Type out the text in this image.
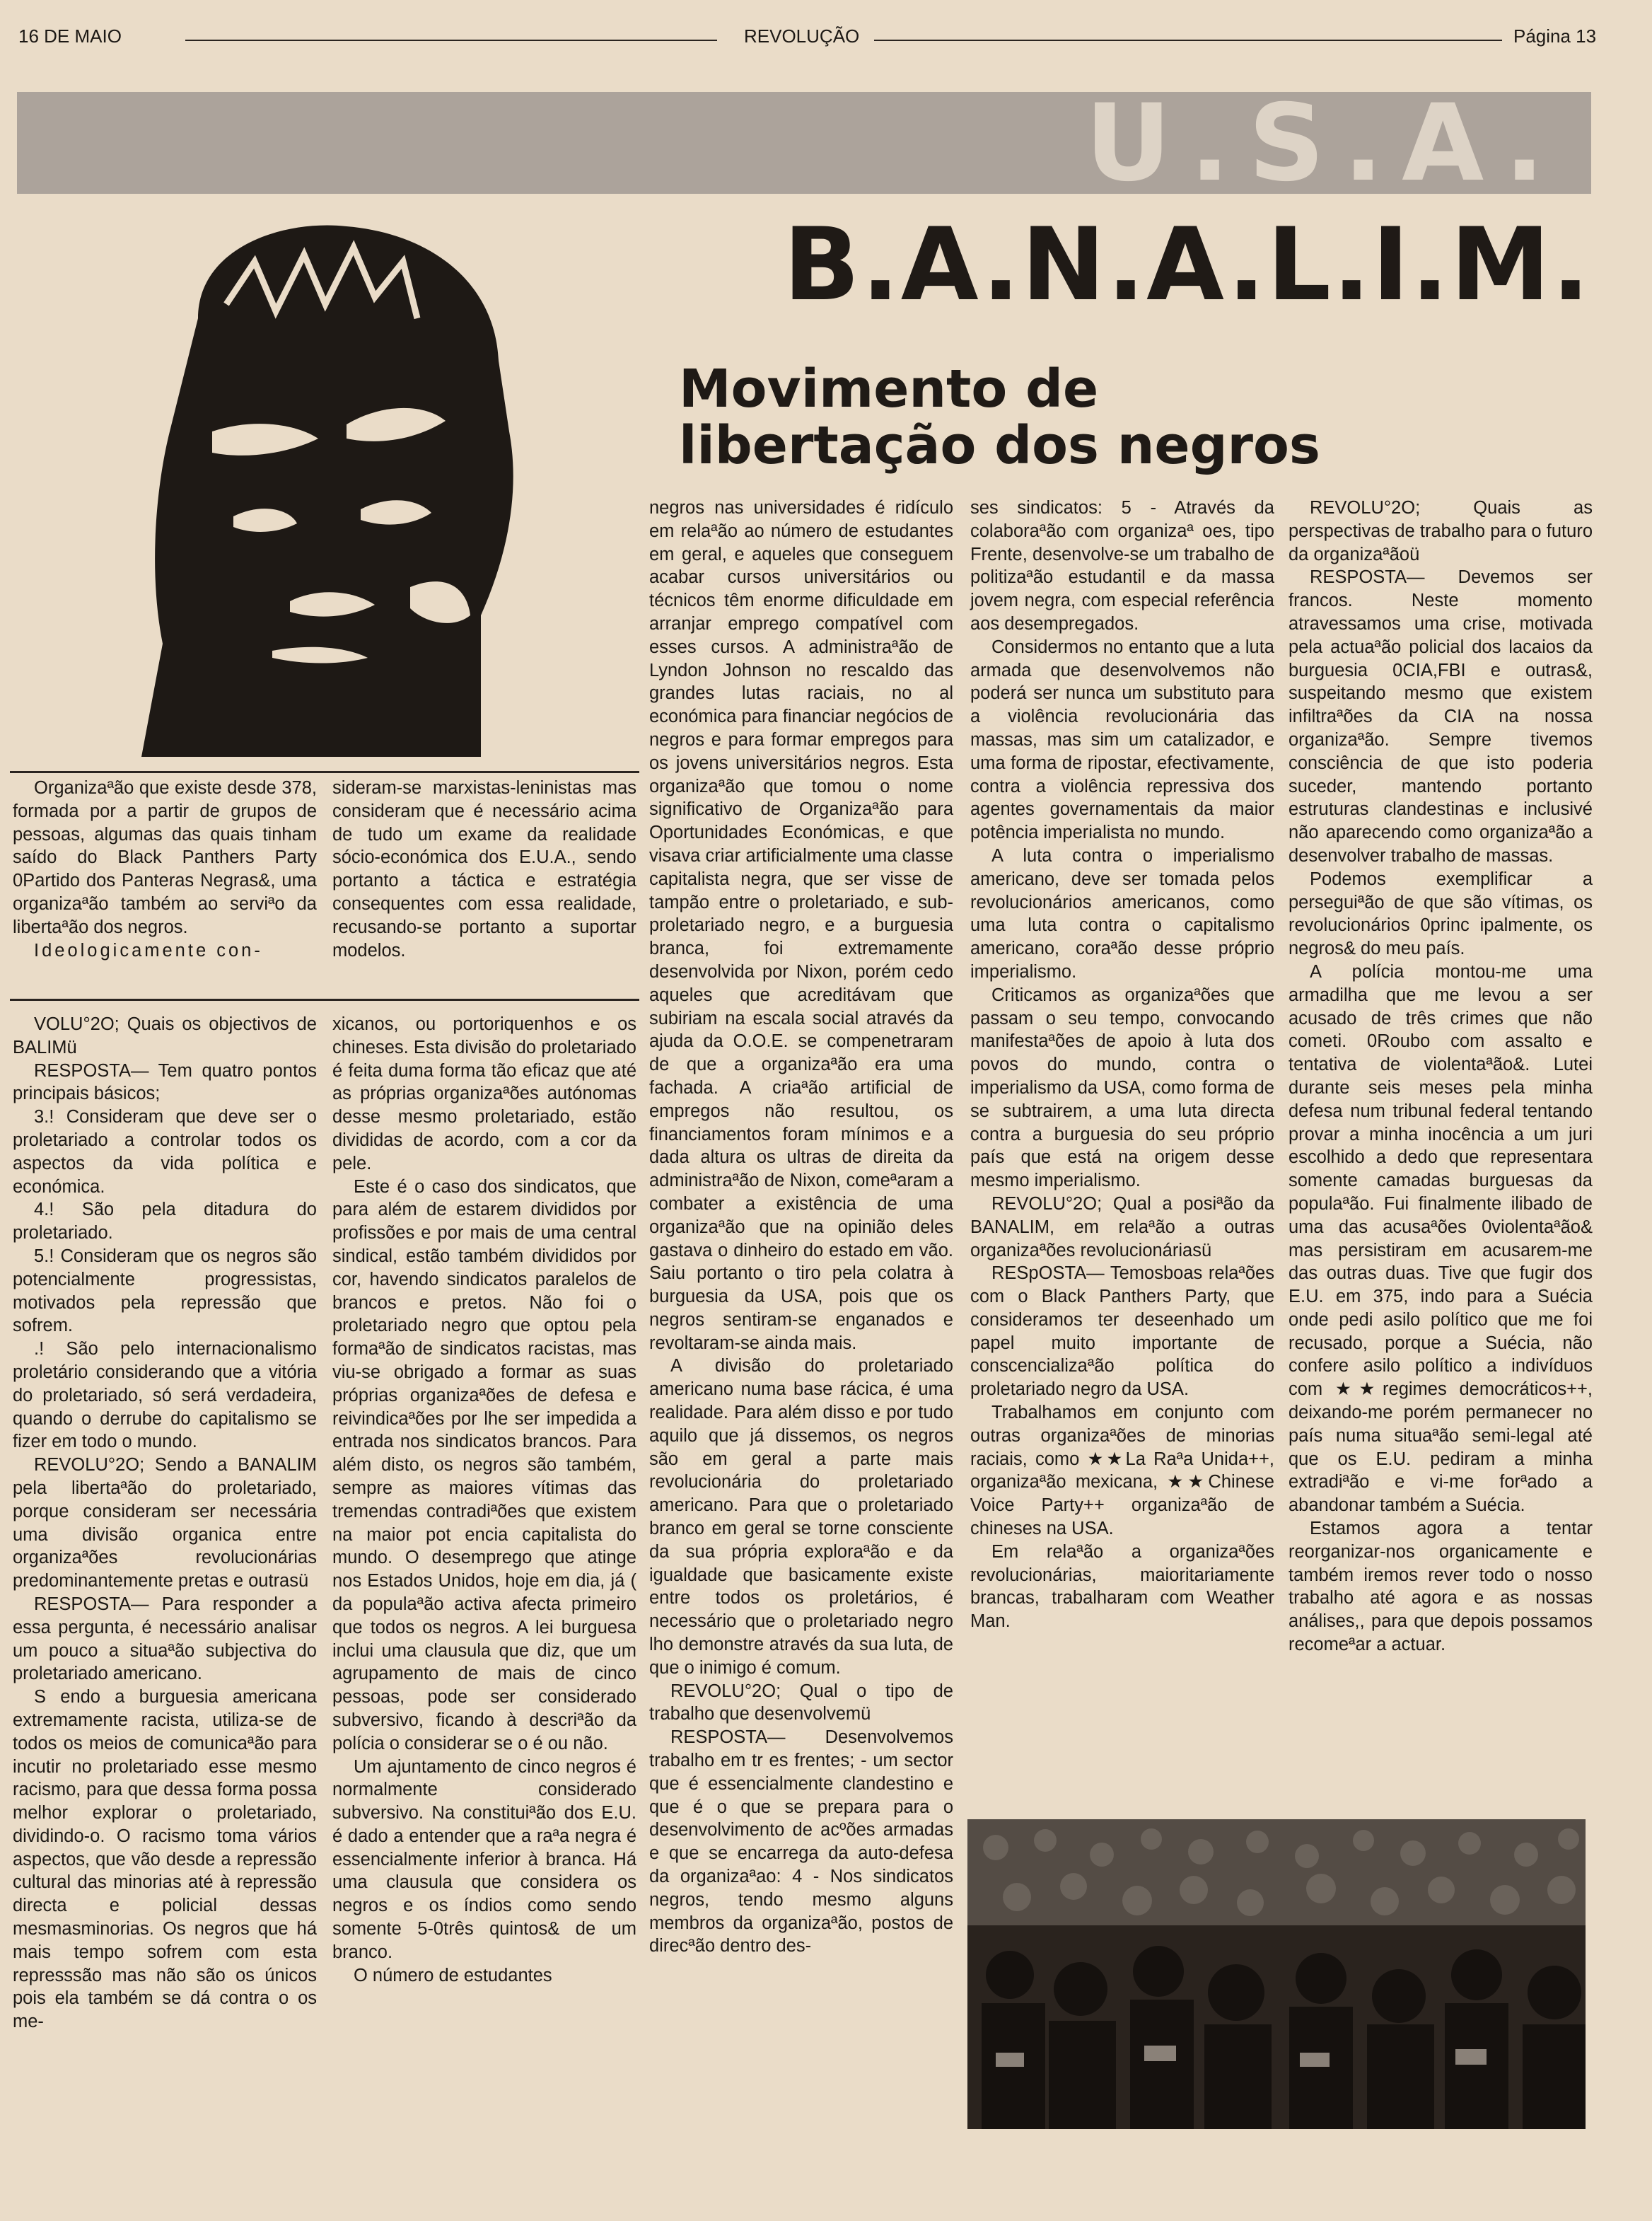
16 DE MAIO	REVOLUÇÃO	Página 13
U.S.A.
B.A.N.A.L.I.M.
Movimento de
libertação dos negros

Organizaªão que existe desde 378, formada por a partir de grupos de pessoas, algumas das quais tinham saído do Black Panthers Party 0Partido dos Panteras Negras&, uma organizaªão também ao serviªo da libertaªão dos negros.

Ideologicamente con-

sideram-se marxistas-leninistas mas consideram que é necessário acima de tudo um exame da realidade sócio-económica dos E.U.A., sendo portanto a táctica e estratégia consequentes com essa realidade, recusando-se portanto a suportar modelos.

VOLU°2O; Quais os objectivos de BALIMü

RESPOSTA— Tem quatro pontos principais básicos;

3.! Consideram que deve ser o proletariado a controlar todos os aspectos da vida política e económica.

4.! São pela ditadura do proletariado.

5.! Consideram que os negros são potencialmente progressistas, motivados pela repressão que sofrem.

.! São pelo internacionalismo proletário considerando que a vitória do proletariado, só será verdadeira, quando o derrube do capitalismo se fizer em todo o mundo.

REVOLU°2O; Sendo a BANALIM pela libertaªão do proletariado, porque consideram ser necessária uma divisão organica entre organizaªões revolucionárias predominantemente pretas e outrasü

RESPOSTA— Para responder a essa pergunta, é necessário analisar um pouco a situaªão subjectiva do proletariado americano.

S endo a burguesia americana extremamente racista, utiliza-se de todos os meios de comunicaªão para incutir no proletariado esse mesmo racismo, para que dessa forma possa melhor explorar o proletariado, dividindo-o. O racismo toma vários aspectos, que vão desde a repressão cultural das minorias até à repressão directa e policial dessas mesmasminorias. Os negros que há mais tempo sofrem com esta represssão mas não são os únicos pois ela também se dá contra o os me-

xicanos, ou portoriquenhos e os chineses. Esta divisão do proletariado é feita duma forma tão eficaz que até as próprias organizaªões autónomas desse mesmo proletariado, estão divididas de acordo, com a cor da pele.

Este é o caso dos sindicatos, que para além de estarem divididos por profissões e por mais de uma central sindical, estão também divididos por cor, havendo sindicatos paralelos de brancos e pretos. Não foi o proletariado negro que optou pela formaªão de sindicatos racistas, mas viu-se obrigado a formar as suas próprias organizaªões de defesa e reivindicaªões por lhe ser impedida a entrada nos sindicatos brancos. Para além disto, os negros são também, sempre as maiores vítimas das tremendas contradiªões que existem na maior pot encia capitalista do mundo. O desemprego que atinge nos Estados Unidos, hoje em dia, já ( da populaªão activa afecta primeiro que todos os negros. A lei burguesa inclui uma clausula que diz, que um agrupamento de mais de cinco pessoas, pode ser considerado subversivo, ficando à descriªão da polícia o considerar se o é ou não.

Um ajuntamento de cinco negros é normalmente considerado subversivo. Na constituiªão dos E.U. é dado a entender que a raªa negra é essencialmente inferior à branca. Há uma clausula que considera os negros e os índios como sendo somente 5-0três quintos& de um branco.

O número de estudantes

negros nas universidades é ridículo em relaªão ao número de estudantes em geral, e aqueles que conseguem acabar cursos universitários ou técnicos têm enorme dificuldade em arranjar emprego compatível com esses cursos. A administraªão de Lyndon Johnson no rescaldo das grandes lutas raciais, no al económica para financiar negócios de negros e para formar empregos para os jovens universitários negros. Esta organizaªão que tomou o nome significativo de Organizaªão para Oportunidades Económicas, e que visava criar artificialmente uma classe capitalista negra, que ser visse de tampão entre o proletariado, e sub-proletariado negro, e a burguesia branca, foi extremamente desenvolvida por Nixon, porém cedo aqueles que acreditávam que subiriam na escala social através da ajuda da O.O.E. se compenetraram de que a organizaªão era uma fachada. A criaªão artificial de empregos não resultou, os financiamentos foram mínimos e a dada altura os ultras de direita da administraªão de Nixon, comeªaram a combater a existência de uma organizaªão que na opinião deles gastava o dinheiro do estado em vão. Saiu portanto o tiro pela colatra à burguesia da USA, pois que os negros sentiram-se enganados e revoltaram-se ainda mais.

A divisão do proletariado americano numa base rácica, é uma realidade. Para além disso e por tudo aquilo que já dissemos, os negros são em geral a parte mais revolucionária do proletariado americano. Para que o proletariado branco em geral se torne consciente da sua própria exploraªão e da igualdade que basicamente existe entre todos os proletários, é necessário que o proletariado negro lho demonstre através da sua luta, de que o inimigo é comum.

REVOLU°2O; Qual o tipo de trabalho que desenvolvemü

RESPOSTA— Desenvolvemos trabalho em tr es frentes; - um sector que é essencialmente clandestino e que é o que se prepara para o desenvolvimento de acºões armadas e que se encarrega da auto-defesa da organizaªao: 4 - Nos sindicatos negros, tendo mesmo alguns membros da organizaªão, postos de direcªão dentro des-

ses sindicatos: 5 - Através da colaboraªão com organizaª oes, tipo Frente, desenvolve-se um trabalho de politizaªão estudantil e da massa jovem negra, com especial referência aos desempregados.

Considermos no entanto que a luta armada que desenvolvemos não poderá ser nunca um substituto para a violência revolucionária das massas, mas sim um catalizador, e uma forma de ripostar, efectivamente, contra a violência repressiva dos agentes governamentais da maior potência imperialista no mundo.

A luta contra o imperialismo americano, deve ser tomada pelos revolucionários americanos, como uma luta contra o capitalismo americano, coraªão desse próprio imperialismo.

Criticamos as organizaªões que passam o seu tempo, convocando manifestaªões de apoio à luta dos povos do mundo, contra o imperialismo da USA, como forma de se subtrairem, a uma luta directa contra a burguesia do seu próprio país que está na origem desse mesmo imperialismo.

REVOLU°2O; Qual a posiªão da BANALIM, em relaªão a outras organizaªões revolucionáriasü

RESpOSTA— Temosboas relaªões com o Black Panthers Party, que consideramos ter deseenhado um papel muito importante de conscencializaªão política do proletariado negro da USA.

Trabalhamos em conjunto com outras organizaªões de minorias raciais, como ★★La Raªa Unida++, organizaªão mexicana, ★★Chinese Voice Party++ organizaªão de chineses na USA.

Em relaªão a organizaªões revolucionárias, maioritariamente brancas, trabalharam com Weather Man.

REVOLU°2O; Quais as perspectivas de trabalho para o futuro da organizaªãoü

RESPOSTA— Devemos ser francos. Neste momento atravessamos uma crise, motivada pela actuaªão policial dos lacaios da burguesia 0CIA,FBI e outras&, suspeitando mesmo que existem infiltraªões da CIA na nossa organizaªão. Sempre tivemos consciência de que isto poderia suceder, mantendo portanto estruturas clandestinas e inclusivé não aparecendo como organizaªão a desenvolver trabalho de massas.

Podemos exemplificar a perseguiªão de que são vítimas, os revolucionários 0princ ipalmente, os negros& do meu país.

A polícia montou-me uma armadilha que me levou a ser acusado de três crimes que não cometi. 0Roubo com assalto e tentativa de violentaªão&. Lutei durante seis meses pela minha defesa num tribunal federal tentando provar a minha inocência a um juri escolhido a dedo que representara somente camadas burguesas da populaªão. Fui finalmente ilibado de uma das acusaªões 0violentaªão& mas persistiram em acusarem-me das outras duas. Tive que fugir dos E.U. em 375, indo para a Suécia onde pedi asilo político que me foi recusado, porque a Suécia, não confere asilo político a indivíduos com ★★regimes democráticos++, deixando-me porém permanecer no país numa situaªão semi-legal até que os E.U. pediram a minha extradiªão e vi-me forªado a abandonar também a Suécia.

Estamos agora a tentar reorganizar-nos organicamente e também iremos rever todo o nosso trabalho até agora e as nossas análises,, para que depois possamos recomeªar a actuar.
